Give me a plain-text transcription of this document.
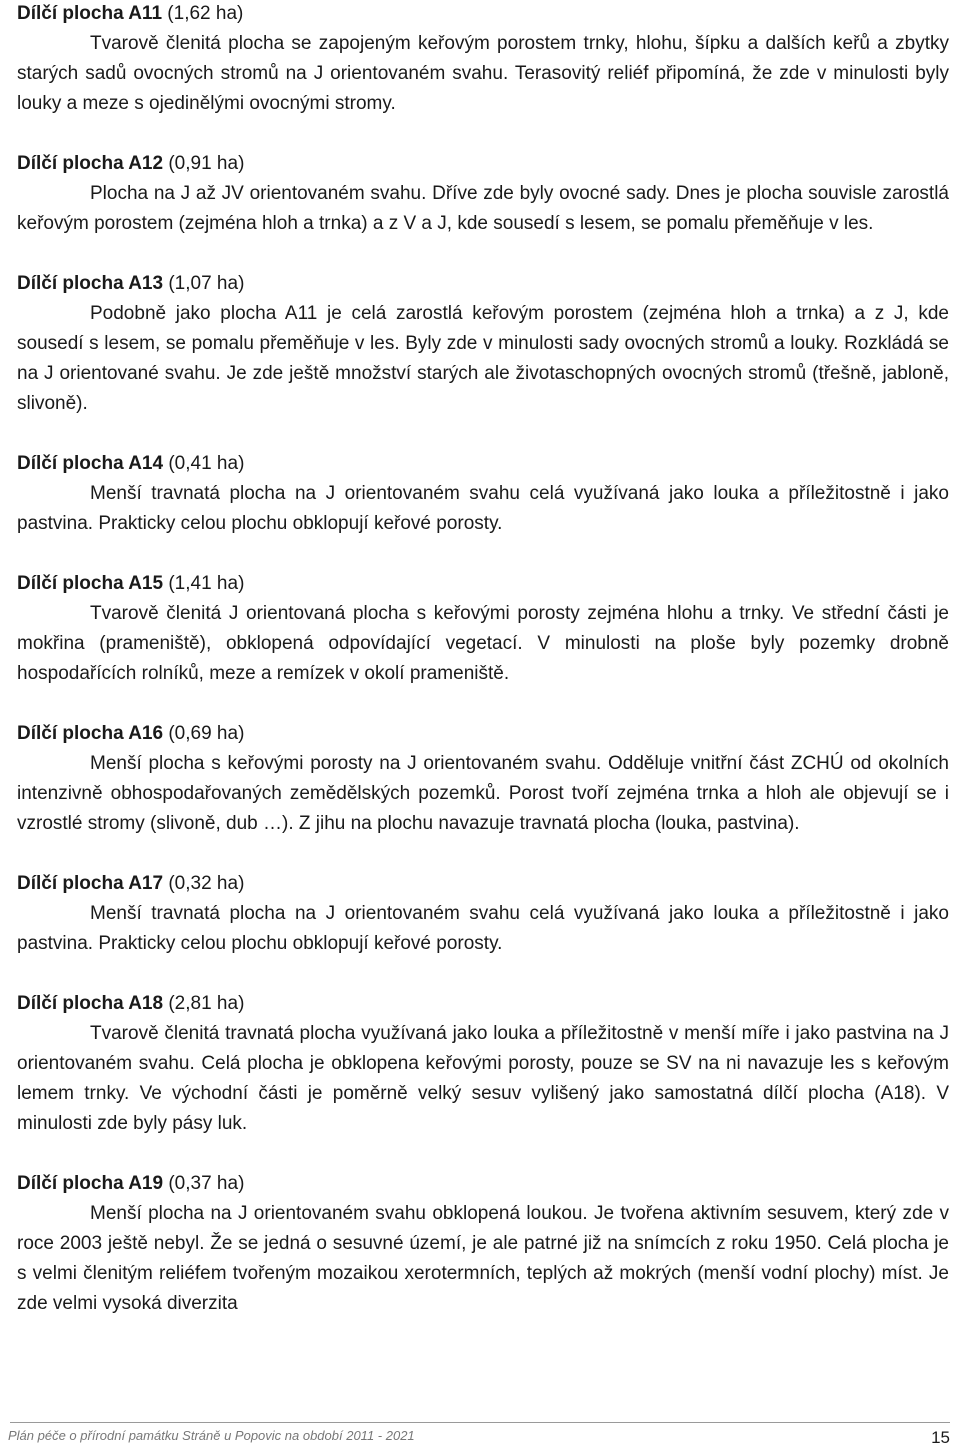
Dílčí plocha A11 (1,62 ha)

Tvarově členitá plocha se zapojeným keřovým porostem trnky, hlohu, šípku a dalších keřů a zbytky starých sadů ovocných stromů na J orientovaném svahu. Terasovitý reliéf připomíná, že zde v minulosti byly louky a meze s ojedinělými ovocnými stromy.

Dílčí plocha A12 (0,91 ha)

Plocha na J až JV orientovaném svahu. Dříve zde byly ovocné sady. Dnes je plocha souvisle zarostlá keřovým porostem (zejména hloh a trnka) a z V a J, kde sousedí s lesem, se pomalu přeměňuje v les.

Dílčí plocha A13 (1,07 ha)

Podobně jako plocha A11 je celá zarostlá keřovým porostem (zejména hloh a trnka) a z J, kde sousedí s lesem, se pomalu přeměňuje v les. Byly zde v minulosti sady ovocných stromů a louky. Rozkládá se na J orientované svahu. Je zde ještě množství starých ale životaschopných ovocných stromů (třešně, jabloně, slivoně).

Dílčí plocha A14 (0,41 ha)

Menší travnatá plocha na J orientovaném svahu celá využívaná jako louka a příležitostně i jako pastvina. Prakticky celou plochu obklopují keřové porosty.

Dílčí plocha A15 (1,41 ha)

Tvarově členitá J orientovaná plocha s keřovými porosty zejména hlohu a trnky. Ve střední části je mokřina (prameniště), obklopená odpovídající vegetací. V minulosti na ploše byly pozemky drobně hospodařících rolníků, meze a remízek v okolí prameniště.

Dílčí plocha A16 (0,69 ha)

Menší plocha s keřovými porosty na J orientovaném svahu. Odděluje vnitřní část ZCHÚ od okolních intenzivně obhospodařovaných zemědělských pozemků. Porost tvoří zejména trnka a hloh ale objevují se i vzrostlé stromy (slivoně, dub …). Z jihu na plochu navazuje travnatá plocha (louka, pastvina).

Dílčí plocha A17 (0,32 ha)

Menší travnatá plocha na J orientovaném svahu celá využívaná jako louka a příležitostně i jako pastvina. Prakticky celou plochu obklopují keřové porosty.

Dílčí plocha A18 (2,81 ha)

Tvarově členitá travnatá plocha využívaná jako louka a příležitostně v menší míře i jako pastvina na J orientovaném svahu. Celá plocha je obklopena keřovými porosty, pouze se SV na ni navazuje les s keřovým lemem trnky. Ve východní části je poměrně velký sesuv vylišený jako samostatná dílčí plocha (A18). V minulosti zde byly pásy luk.

Dílčí plocha A19 (0,37 ha)

Menší plocha na J orientovaném svahu obklopená loukou. Je tvořena aktivním sesuvem, který zde v roce 2003 ještě nebyl. Že se jedná o sesuvné území, je ale patrné již na snímcích z roku 1950. Celá plocha je s velmi členitým reliéfem tvořeným mozaikou xerotermních, teplých až mokrých (menší vodní plochy) míst. Je zde velmi vysoká diverzita

Plán péče o přírodní památku Stráně u Popovic na období 2011 - 2021	15
